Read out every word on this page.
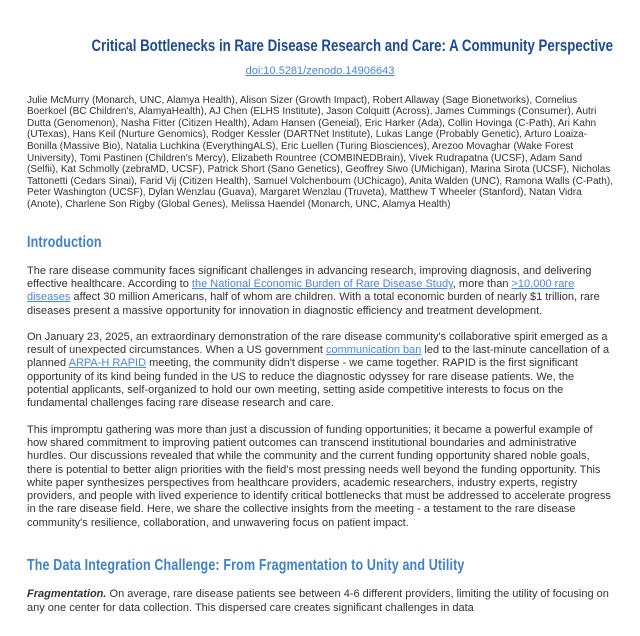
Critical Bottlenecks in Rare Disease Research and Care: A Community Perspective
doi:10.5281/zenodo.14906643
Julie McMurry (Monarch, UNC, Alamya Health), Alison Sizer (Growth Impact), Robert Allaway (Sage Bionetworks), Cornelius Boerkoel (BC Children's, AlamyaHealth), AJ Chen (ELHS Institute), Jason Colquitt (Across), James Cummings (Consumer), Autri Dutta (Genomenon), Nasha Fitter (Citizen Health), Adam Hansen (Geneial), Eric Harker (Ada), Collin Hovinga (C-Path), Ari Kahn (UTexas), Hans Keil (Nurture Genomics), Rodger Kessler (DARTNet Institute), Lukas Lange (Probably Genetic), Arturo Loaiza-Bonilla (Massive Bio), Natalia Luchkina (EverythingALS), Eric Luellen (Turing Biosciences), Arezoo Movaghar (Wake Forest University), Tomi Pastinen (Children's Mercy), Elizabeth Rountree (COMBINEDBrain), Vivek Rudrapatna (UCSF), Adam Sand (Selfii), Kat Schmolly (zebraMD, UCSF), Patrick Short (Sano Genetics), Geoffrey Siwo (UMichigan), Marina Sirota (UCSF), Nicholas Tattonetti (Cedars Sinai), Farid Vij (Citizen Health), Samuel Volchenboum (UChicago), Anita Walden (UNC), Ramona Walls (C-Path), Peter Washington (UCSF), Dylan Wenzlau (Guava), Margaret Wenzlau (Truveta), Matthew T Wheeler (Stanford), Natan Vidra (Anote), Charlene Son Rigby (Global Genes), Melissa Haendel (Monarch, UNC, Alamya Health)
Introduction

The rare disease community faces significant challenges in advancing research, improving diagnosis, and delivering effective healthcare. According to the National Economic Burden of Rare Disease Study, more than >10,000 rare diseases affect 30 million Americans, half of whom are children. With a total economic burden of nearly $1 trillion, rare diseases present a massive opportunity for innovation in diagnostic efficiency and treatment development.

On January 23, 2025, an extraordinary demonstration of the rare disease community's collaborative spirit emerged as a result of unexpected circumstances. When a US government communication ban led to the last-minute cancellation of a planned ARPA-H RAPID meeting, the community didn't disperse - we came together. RAPID is the first significant opportunity of its kind being funded in the US to reduce the diagnostic odyssey for rare disease patients. We, the potential applicants, self-organized to hold our own meeting, setting aside competitive interests to focus on the fundamental challenges facing rare disease research and care.

This impromptu gathering was more than just a discussion of funding opportunities; it became a powerful example of how shared commitment to improving patient outcomes can transcend institutional boundaries and administrative hurdles. Our discussions revealed that while the community and the current funding opportunity shared noble goals, there is potential to better align priorities with the field's most pressing needs well beyond the funding opportunity. This white paper synthesizes perspectives from healthcare providers, academic researchers, industry experts, registry providers, and people with lived experience to identify critical bottlenecks that must be addressed to accelerate progress in the rare disease field. Here, we share the collective insights from the meeting - a testament to the rare disease community's resilience, collaboration, and unwavering focus on patient impact.

The Data Integration Challenge: From Fragmentation to Unity and Utility

Fragmentation. On average, rare disease patients see between 4-6 different providers, limiting the utility of focusing on any one center for data collection. This dispersed care creates significant challenges in data
